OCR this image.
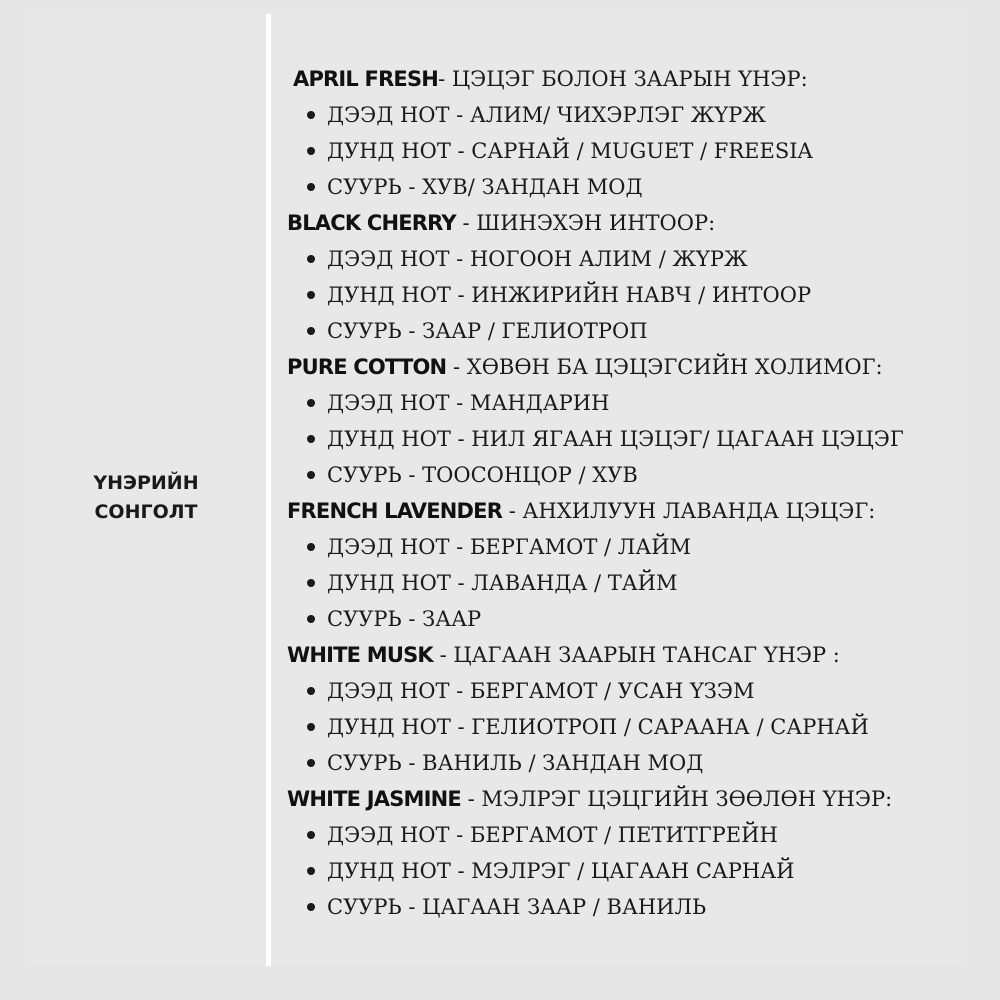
ҮНЭРИЙН
СОНГОЛТ
APRIL FRESH- ЦЭЦЭГ БОЛОН ЗААРЫН ҮНЭР:
ДЭЭД НОТ - АЛИМ/ ЧИХЭРЛЭГ ЖҮРЖ
ДУНД НОТ - САРНАЙ / MUGUET / FREESIA
СУУРЬ - ХУВ/ ЗАНДАН МОД
BLACK CHERRY - ШИНЭХЭН ИНТООР:
ДЭЭД НОТ - НОГООН АЛИМ / ЖҮРЖ
ДУНД НОТ - ИНЖИРИЙН НАВЧ / ИНТООР
СУУРЬ - ЗААР / ГЕЛИОТРОП
PURE COTTON - ХӨВӨН БА ЦЭЦЭГСИЙН ХОЛИМОГ:
ДЭЭД НОТ - МАНДАРИН
ДУНД НОТ - НИЛ ЯГААН ЦЭЦЭГ/ ЦАГААН ЦЭЦЭГ
СУУРЬ - ТООСОНЦОР / ХУВ
FRENCH LAVENDER - АНХИЛУУН ЛАВАНДА ЦЭЦЭГ:
ДЭЭД НОТ - БЕРГАМОТ / ЛАЙМ
ДУНД НОТ - ЛАВАНДА / ТАЙМ
СУУРЬ - ЗААР
WHITE MUSK - ЦАГААН ЗААРЫН ТАНСАГ ҮНЭР :
ДЭЭД НОТ - БЕРГАМОТ / УСАН ҮЗЭМ
ДУНД НОТ - ГЕЛИОТРОП / САРААНА / САРНАЙ
СУУРЬ - ВАНИЛЬ / ЗАНДАН МОД
WHITE JASMINE - МЭЛРЭГ ЦЭЦГИЙН ЗӨӨЛӨН ҮНЭР:
ДЭЭД НОТ - БЕРГАМОТ / ПЕТИТГРЕЙН
ДУНД НОТ - МЭЛРЭГ / ЦАГААН САРНАЙ
СУУРЬ - ЦАГААН ЗААР / ВАНИЛЬ
